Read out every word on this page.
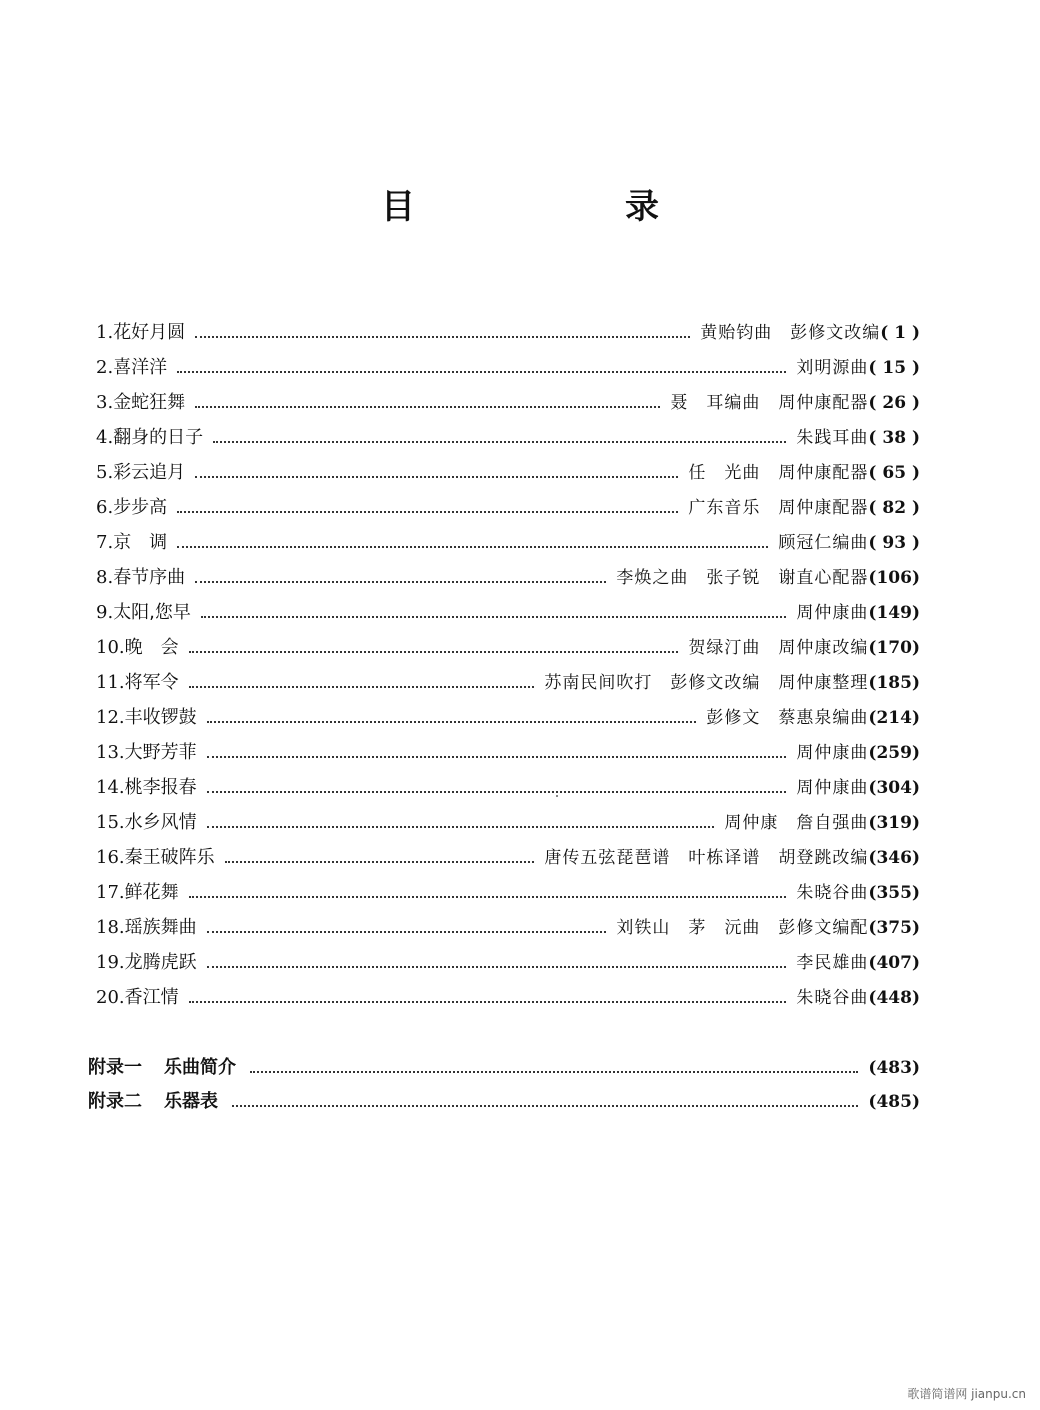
目　录
1. 花好月圆	黄贻钧曲　彭修文改编 ( 1 )
2. 喜洋洋	刘明源曲 ( 15 )
3. 金蛇狂舞	聂　耳编曲　周仲康配器 ( 26 )
4. 翻身的日子	朱践耳曲 ( 38 )
5. 彩云追月	任　光曲　周仲康配器 ( 65 )
6. 步步高	广东音乐　周仲康配器 ( 82 )
7. 京　调	顾冠仁编曲 ( 93 )
8. 春节序曲	李焕之曲　张子锐　谢直心配器 (106)
9. 太阳,您早	周仲康曲 (149)
10. 晚　会	贺绿汀曲　周仲康改编 (170)
11. 将军令	苏南民间吹打　彭修文改编　周仲康整理 (185)
12. 丰收锣鼓	彭修文　蔡惠泉编曲 (214)
13. 大野芳菲	周仲康曲 (259)
14. 桃李报春	周仲康曲 (304)
15. 水乡风情	周仲康　詹自强曲 (319)
16. 秦王破阵乐	唐传五弦琵琶谱　叶栋译谱　胡登跳改编 (346)
17. 鲜花舞	朱晓谷曲 (355)
18. 瑶族舞曲	刘铁山　茅　沅曲　彭修文编配 (375)
19. 龙腾虎跃	李民雄曲 (407)
20. 香江情	朱晓谷曲 (448)
附录一 乐曲简介	(483)
附录二 乐器表	(485)
歌谱简谱网 jianpu.cn
